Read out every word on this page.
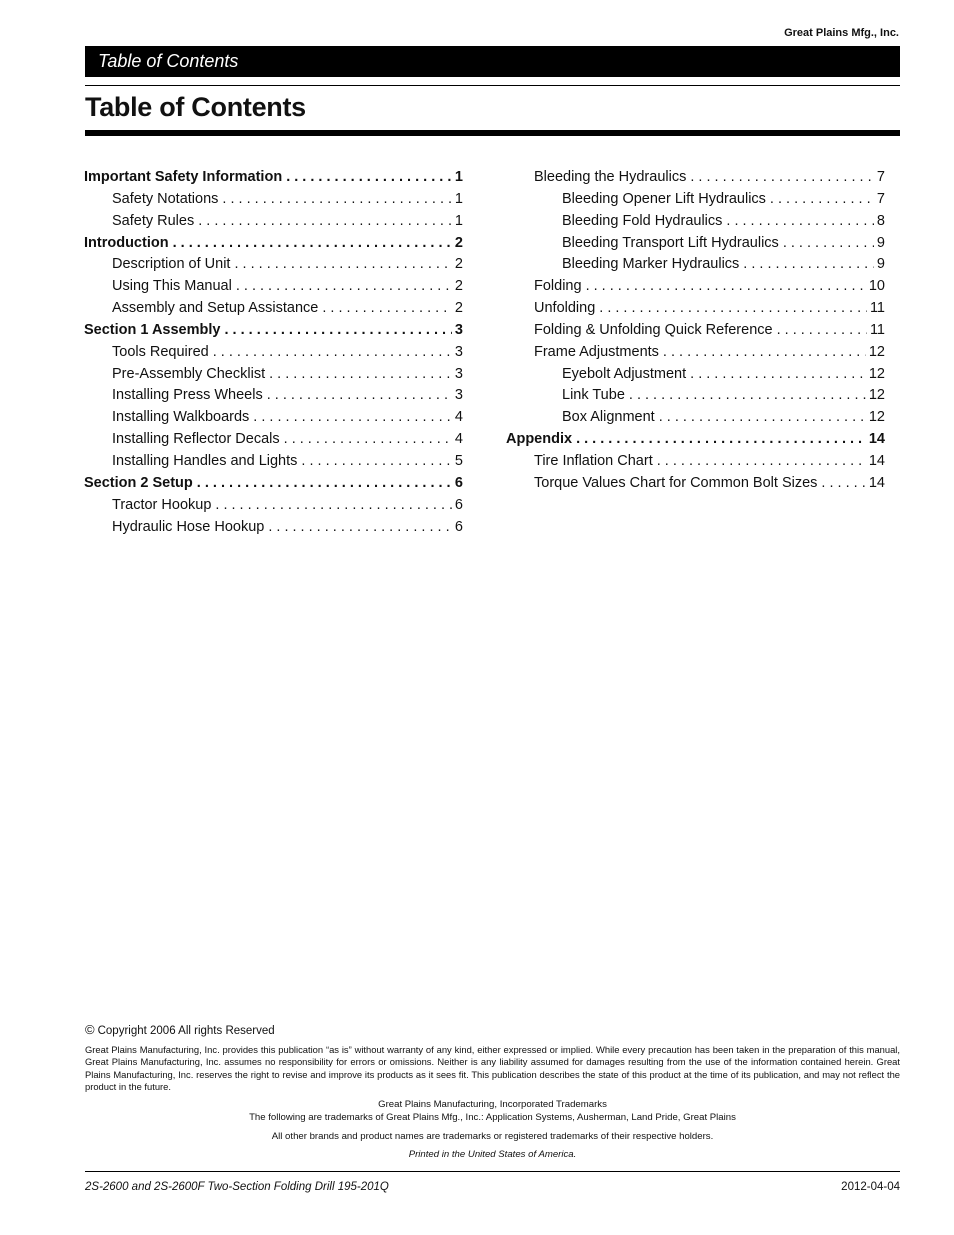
Great Plains Mfg., Inc.
Table of Contents
Table of Contents
Important Safety Information . . .	1
Safety Notations . . .	1
Safety Rules . . .	1
Introduction . . .	2
Description of Unit . . .	2
Using This Manual . . .	2
Assembly and Setup Assistance . . .	2
Section 1 Assembly . . .	3
Tools Required . . .	3
Pre-Assembly Checklist . . .	3
Installing Press Wheels . . .	3
Installing Walkboards . . .	4
Installing Reflector Decals . . .	4
Installing Handles and Lights . . .	5
Section 2 Setup . . .	6
Tractor Hookup . . .	6
Hydraulic Hose Hookup . . .	6
Bleeding the Hydraulics . . .	7
Bleeding Opener Lift Hydraulics . . .	7
Bleeding Fold Hydraulics . . .	8
Bleeding Transport Lift Hydraulics . . .	9
Bleeding Marker Hydraulics . . .	9
Folding . . .	10
Unfolding . . .	11
Folding & Unfolding Quick Reference . . .	11
Frame Adjustments . . .	12
Eyebolt Adjustment . . .	12
Link Tube . . .	12
Box Alignment . . .	12
Appendix . . .	14
Tire Inflation Chart . . .	14
Torque Values Chart for Common Bolt Sizes . . .	14
© Copyright 2006 All rights Reserved

Great Plains Manufacturing, Inc. provides this publication “as is” without warranty of any kind, either expressed or implied. While every precaution has been taken in the preparation of this manual, Great Plains Manufacturing, Inc. assumes no responsibility for errors or omissions. Neither is any liability assumed for damages resulting from the use of the information contained herein. Great Plains Manufacturing, Inc. reserves the right to revise and improve its products as it sees fit. This publication describes the state of this product at the time of its publication, and may not reflect the product in the future.

Great Plains Manufacturing, Incorporated Trademarks
The following are trademarks of Great Plains Mfg., Inc.: Application Systems, Ausherman, Land Pride, Great Plains
All other brands and product names are trademarks or registered trademarks of their respective holders.
Printed in the United States of America.
2S-2600 and 2S-2600F Two-Section Folding Drill 195-201Q	2012-04-04
